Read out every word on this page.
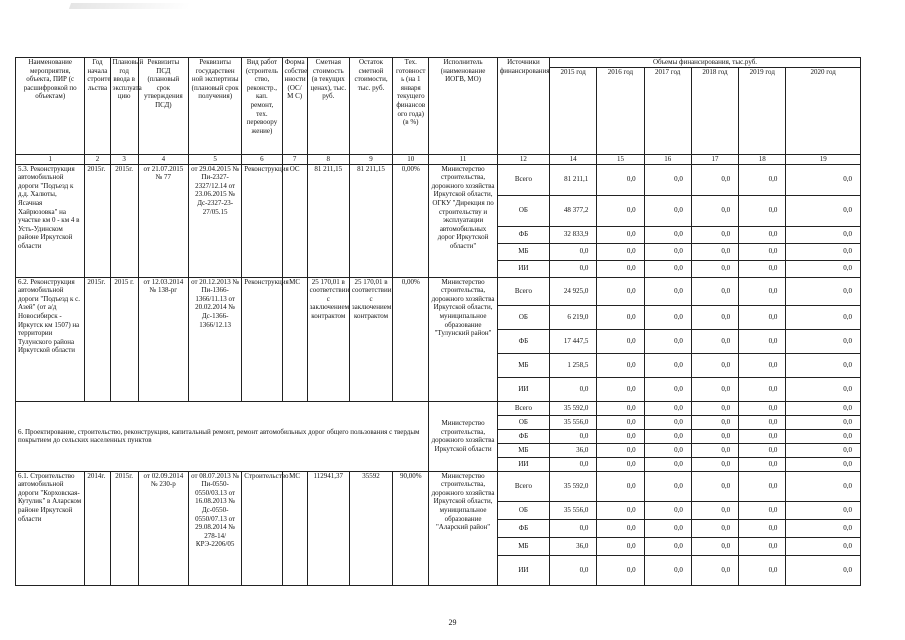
Наименование мероприятия, объекта, ПИР (с расшифровкой по объектам)	Год начала строите льства	Плановый год ввода в эксплуата цию	Реквизиты ПСД (плановый срок утверждения ПСД)	Реквизиты государствен ной экспертизы (плановый срок получения)	Вид работ (строитель ство, реконстр., кап. ремонт, тех. перевоору жение)	Форма собстве нности (ОС/М С)	Сметная стоимость (в текущих ценах), тыс. руб.	Остаток сметной стоимости, тыс. руб.	Тех. готовност ь (на 1 января текущего финансов ого года) (в %)	Исполнитель (наименование ИОГВ, МО)	Источники финансирования	Объемы финансирования, тыс.руб.					
												2015 год	2016 год	2017 год	2018 год	2019 год	2020 год
1	2	3	4	5	6	7	8	9	10	11	12	14	15	16	17	18	19
5.3. Реконструкция автомобильной дороги "Подъезд к д.д. Халюты, Ясачная Хайрюзовка" на участке км 0 - км 4 в Усть-Удинском районе Иркутской области	2015г.	2015г.	от 21.07.2015 № 77	от 29.04.2015 № Пи-2327-2327/12.14 от 23.06.2015 № Дс-2327-23-27/05.15	Реконструкция	ОС	81 211,15	81 211,15	0,00%	Министерство строительства, дорожного хозяйства Иркутской области, ОГКУ "Дирекция по строительству и эксплуатации автомобильных дорог Иркутской области"	Всего	81 211,1	0,0	0,0	0,0	0,0	0,0
											ОБ	48 377,2	0,0	0,0	0,0	0,0	0,0
											ФБ	32 833,9	0,0	0,0	0,0	0,0	0,0
											МБ	0,0	0,0	0,0	0,0	0,0	0,0
											ИИ	0,0	0,0	0,0	0,0	0,0	0,0
6.2. Реконструкция автомобильной дороги "Подъезд к с. Азей" (от а/д Новосибирск - Иркутск км 1507) на территории Тулунского района Иркутской области	2015г.	2015 г.	от 12.03.2014 № 138-рг	от 20.12.2013 № Пи-1366-1366/11.13 от 20.02.2014 № Дс-1366-1366/12.13	Реконструкция	МС	25 170,01 в соответствии с заключением контрактом	25 170,01 в соответствии с заключением контрактом	0,00%	Министерство строительства, дорожного хозяйства Иркутской области, муниципальное образование "Тулунский район"	Всего	24 925,0	0,0	0,0	0,0	0,0	0,0
											ОБ	6 219,0	0,0	0,0	0,0	0,0	0,0
											ФБ	17 447,5	0,0	0,0	0,0	0,0	0,0
											МБ	1 258,5	0,0	0,0	0,0	0,0	0,0
											ИИ	0,0	0,0	0,0	0,0	0,0	0,0
6. Проектирование, строительство, реконструкция, капитальный ремонт, ремонт автомобильных дорог общего пользования с твердым покрытием до сельских населенных пунктов										Министерство строительства, дорожного хозяйства Иркутской области	Всего	35 592,0	0,0	0,0	0,0	0,0	0,0
											ОБ	35 556,0	0,0	0,0	0,0	0,0	0,0
											ФБ	0,0	0,0	0,0	0,0	0,0	0,0
											МБ	36,0	0,0	0,0	0,0	0,0	0,0
											ИИ	0,0	0,0	0,0	0,0	0,0	0,0
6.1. Строительство автомобильной дороги "Корховская-Кутулик" в Аларском районе Иркутской области	2014г.	2015г.	от 02.09.2014 № 230-р	от 08.07.2013 № Пи-0550-0550/03.13 от 16.08.2013 № Дс-0550-0550/07.13 от 29.08.2014 № 278-14/КРЭ-2206/05	Строительство	МС	112941,37	35592	90,00%	Министерство строительства, дорожного хозяйства Иркутской области, муниципальное образование "Аларский район"	Всего	35 592,0	0,0	0,0	0,0	0,0	0,0
											ОБ	35 556,0	0,0	0,0	0,0	0,0	0,0
											ФБ	0,0	0,0	0,0	0,0	0,0	0,0
											МБ	36,0	0,0	0,0	0,0	0,0	0,0
											ИИ	0,0	0,0	0,0	0,0	0,0	0,0
29
